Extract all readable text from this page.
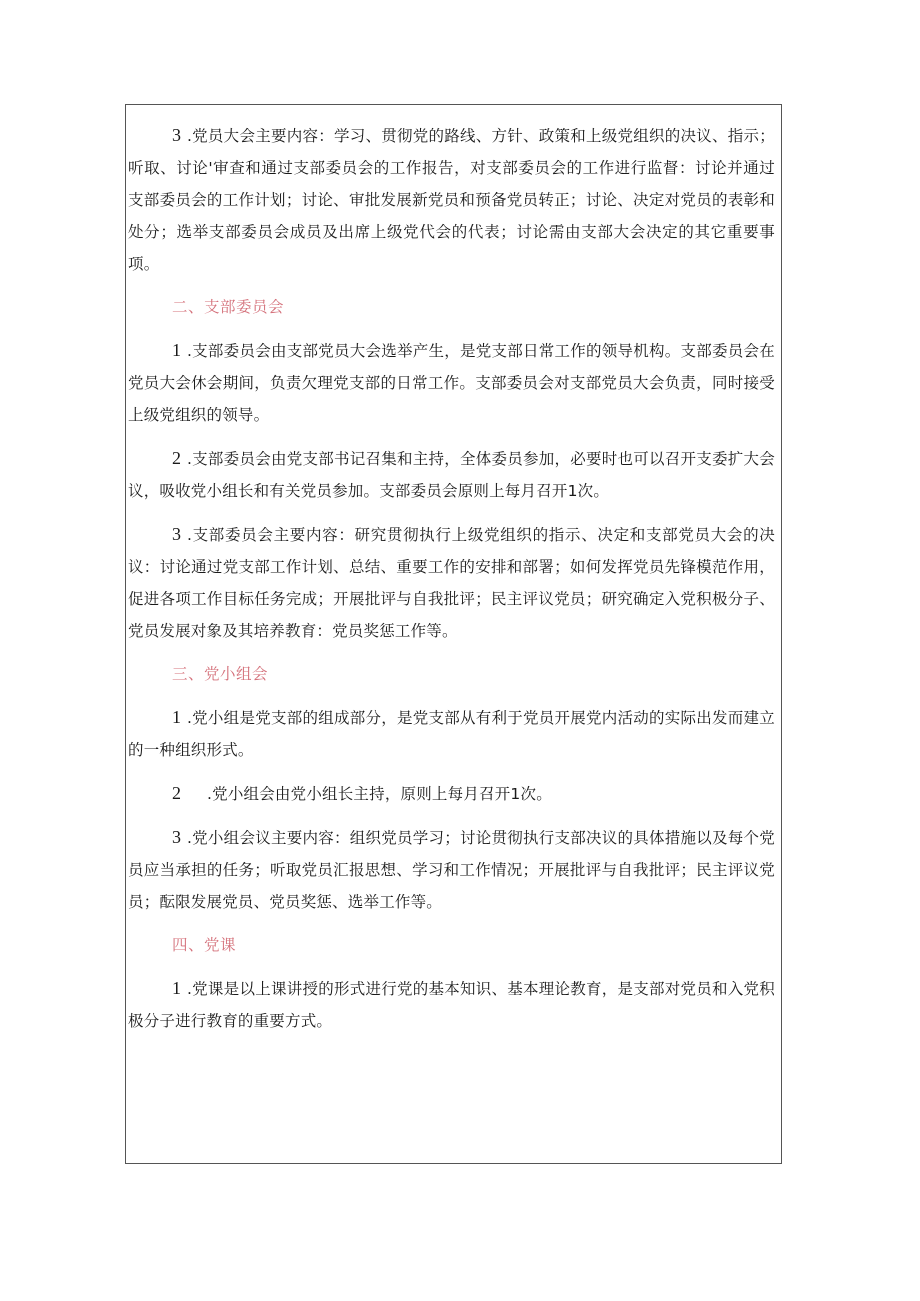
3 .党员大会主要内容：学习、贯彻党的路线、方针、政策和上级党组织的决议、指示；听取、讨论'审查和通过支部委员会的工作报告，对支部委员会的工作进行监督：讨论并通过支部委员会的工作计划；讨论、审批发展新党员和预备党员转正；讨论、决定对党员的表彰和处分；选举支部委员会成员及出席上级党代会的代表；讨论需由支部大会决定的其它重要事项。

二、支部委员会

1 .支部委员会由支部党员大会选举产生，是党支部日常工作的领导机构。支部委员会在党员大会休会期间，负责欠理党支部的日常工作。支部委员会对支部党员大会负责，同时接受上级党组织的领导。

2 .支部委员会由党支部书记召集和主持，全体委员参加，必要时也可以召开支委扩大会议，吸收党小组长和有关党员参加。支部委员会原则上每月召开1次。

3 .支部委员会主要内容：研究贯彻执行上级党组织的指示、决定和支部党员大会的决议：讨论通过党支部工作计划、总结、重要工作的安排和部署；如何发挥党员先锋模范作用，促进各项工作目标任务完成；开展批评与自我批评；民主评议党员；研究确定入党积极分子、党员发展对象及其培养教育：党员奖惩工作等。

三、党小组会

1 .党小组是党支部的组成部分，是党支部从有利于党员开展党内活动的实际出发而建立的一种组织形式。

2 .党小组会由党小组长主持，原则上每月召开1次。

3 .党小组会议主要内容：组织党员学习；讨论贯彻执行支部决议的具体措施以及每个党员应当承担的任务；听取党员汇报思想、学习和工作情况；开展批评与自我批评；民主评议党员；酝限发展党员、党员奖惩、选举工作等。

四、党课

1 .党课是以上课讲授的形式进行党的基本知识、基本理论教育，是支部对党员和入党积极分子进行教育的重要方式。
